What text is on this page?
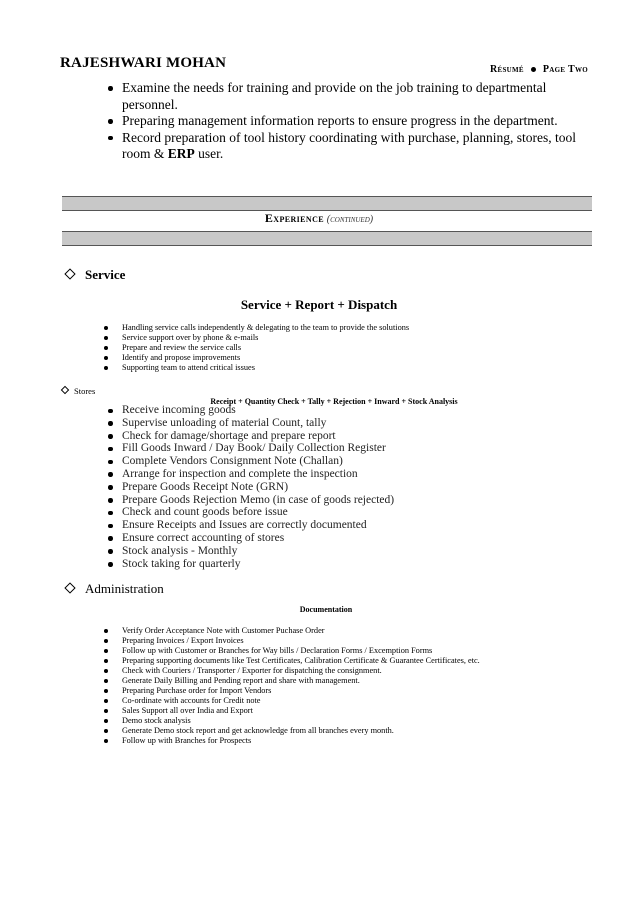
RAJESHWARI MOHAN	Résumé Page Two
Examine the needs for training and provide on the job training to departmental personnel.
Preparing management information reports to ensure progress in the department.
Record preparation of tool history coordinating with purchase, planning, stores, tool room & ERP user.
Experience (continued)
Service
Service + Report + Dispatch
Handling service calls independently & delegating to the team to provide the solutions
Service support over by phone & e-mails
Prepare and review the service calls
Identify and propose improvements
Supporting team to attend critical issues
Stores
Receipt + Quantity Check + Tally + Rejection + Inward + Stock Analysis
Receive incoming goods
Supervise unloading of material Count, tally
Check for damage/shortage and prepare report
Fill Goods Inward / Day Book/ Daily Collection Register
Complete Vendors Consignment Note (Challan)
Arrange for inspection and complete the inspection
Prepare Goods Receipt Note (GRN)
Prepare Goods Rejection Memo (in case of goods rejected)
Check and count goods before issue
Ensure Receipts and Issues are correctly documented
Ensure correct accounting of stores
Stock analysis - Monthly
Stock taking for quarterly
Administration
Documentation
Verify Order Acceptance Note with Customer Puchase Order
Preparing Invoices / Export Invoices
Follow up with Customer or Branches for Way bills / Declaration Forms / Excemption Forms
Preparing supporting documents like Test Certificates, Calibration Certificate & Guarantee Certificates, etc.
Check with Couriers / Transporter / Exporter for dispatching the consignment.
Generate Daily Billing and Pending report and share with management.
Preparing Purchase order for Import Vendors
Co-ordinate with accounts for Credit note
Sales Support all over India and Export
Demo stock analysis
Generate Demo stock report and get acknowledge from all branches every month.
Follow up with Branches for Prospects
